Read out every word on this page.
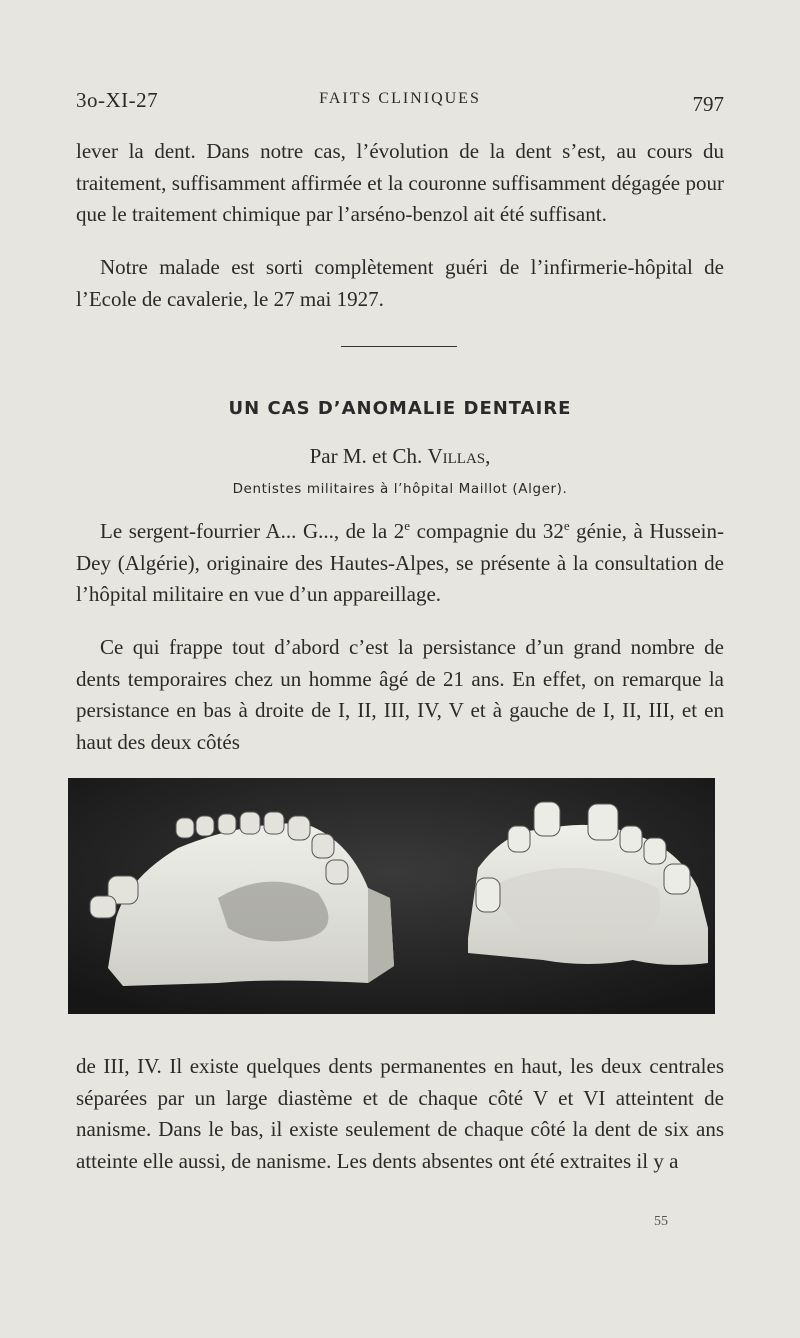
3o-XI-27	FAITS CLINIQUES	797

lever la dent. Dans notre cas, l’évolution de la dent s’est, au cours du traitement, suffisamment affirmée et la couronne suffisamment dégagée pour que le traitement chimique par l’arséno-benzol ait été suffisant.

Notre malade est sorti complètement guéri de l’infirmerie-hôpital de l’Ecole de cavalerie, le 27 mai 1927.

UN CAS D’ANOMALIE DENTAIRE
Par M. et Ch. Villas,
Dentistes militaires à l’hôpital Maillot (Alger).

Le sergent-fourrier A... G..., de la 2e compagnie du 32e génie, à Hussein-Dey (Algérie), originaire des Hautes-Alpes, se présente à la consultation de l’hôpital militaire en vue d’un appareillage.

Ce qui frappe tout d’abord c’est la persistance d’un grand nombre de dents temporaires chez un homme âgé de 21 ans. En effet, on remarque la persistance en bas à droite de I, II, III, IV, V et à gauche de I, II, III, et en haut des deux côtés

de III, IV. Il existe quelques dents permanentes en haut, les deux centrales séparées par un large diastème et de chaque côté V et VI atteintent de nanisme. Dans le bas, il existe seulement de chaque côté la dent de six ans atteinte elle aussi, de nanisme. Les dents absentes ont été extraites il y a

55
